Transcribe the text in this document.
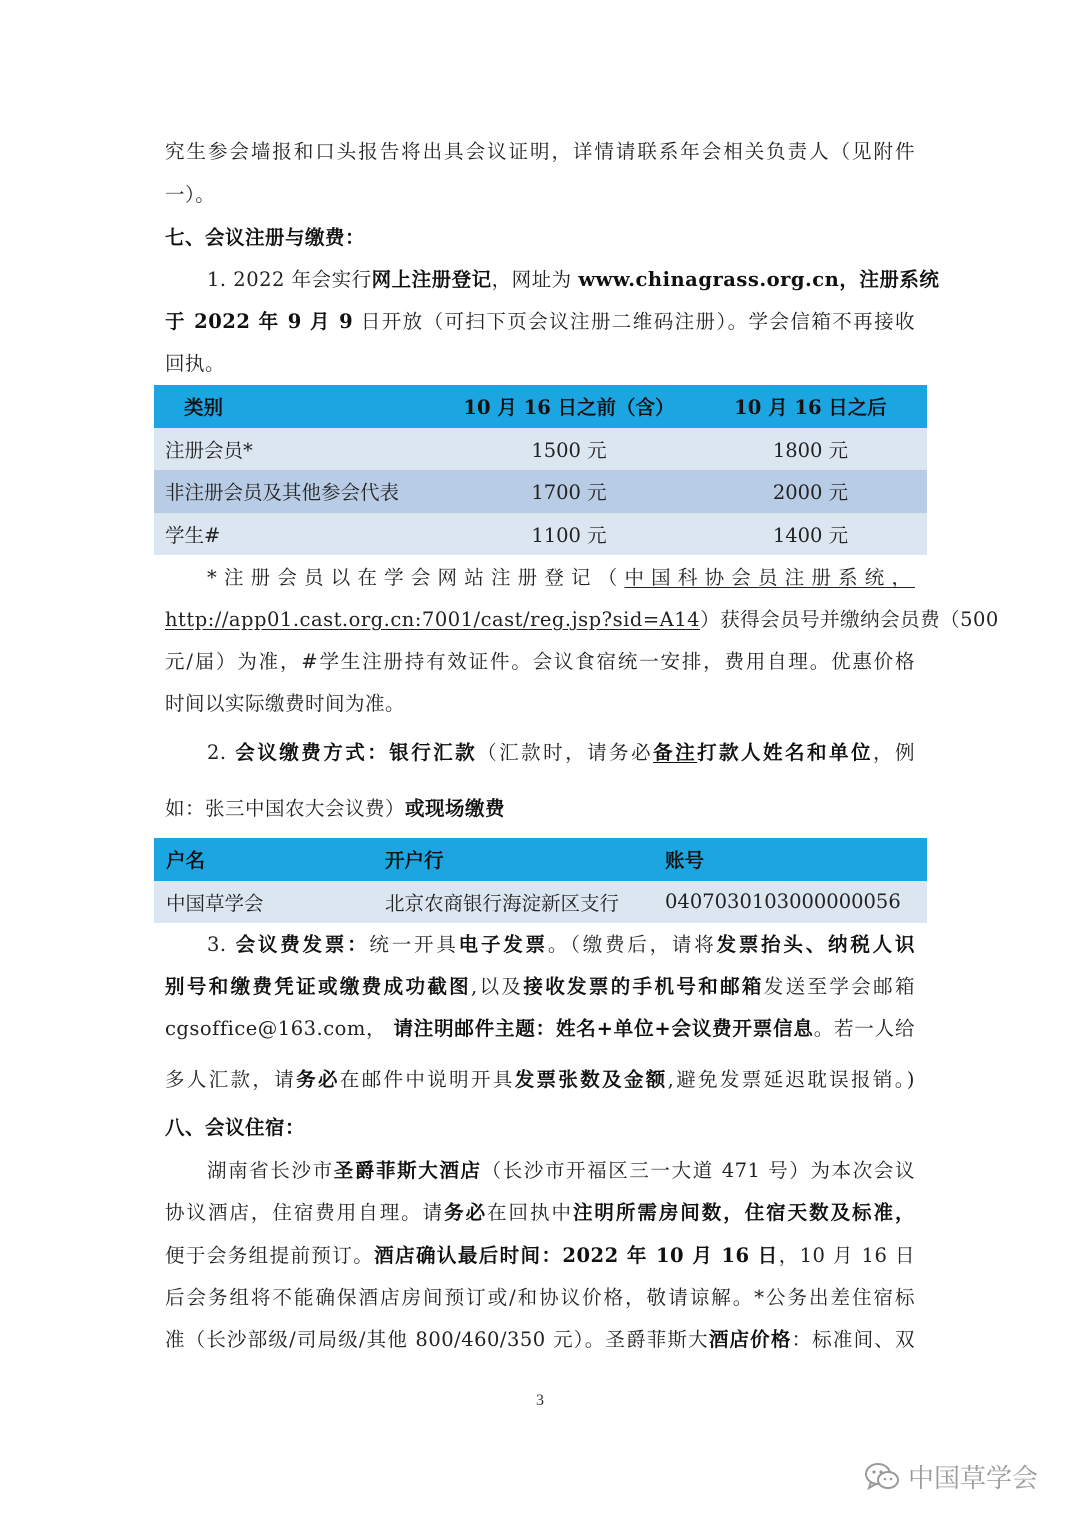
究生参会墙报和口头报告将出具会议证明，详情请联系年会相关负责人（见附件
一）。
七、会议注册与缴费：
1. 2022 年会实行网上注册登记，网址为 www.chinagrass.org.cn，注册系统
于 2022 年 9 月 9 日开放（可扫下页会议注册二维码注册）。学会信箱不再接收
回执。
类别	10 月 16 日之前（含）	10 月 16 日之后
注册会员*	1500 元	1800 元
非注册会员及其他参会代表	1700 元	2000 元
学生#	1100 元	1400 元
*注册会员以在学会网站注册登记（中国科协会员注册系统，
http://app01.cast.org.cn:7001/cast/reg.jsp?sid=A14）获得会员号并缴纳会员费（500
元/届）为准，#学生注册持有效证件。会议食宿统一安排，费用自理。优惠价格
时间以实际缴费时间为准。
2. 会议缴费方式：银行汇款（汇款时，请务必备注打款人姓名和单位，例
如：张三中国农大会议费）或现场缴费
户名	开户行	账号
中国草学会	北京农商银行海淀新区支行	0407030103000000056
3. 会议费发票：统一开具电子发票。（缴费后，请将发票抬头、纳税人识
别号和缴费凭证或缴费成功截图,以及接收发票的手机号和邮箱发送至学会邮箱
cgsoffice@163.com， 请注明邮件主题：姓名+单位+会议费开票信息。若一人给
多人汇款，请务必在邮件中说明开具发票张数及金额,避免发票延迟耽误报销。)
八、会议住宿：
湖南省长沙市圣爵菲斯大酒店（长沙市开福区三一大道 471 号）为本次会议
协议酒店，住宿费用自理。请务必在回执中注明所需房间数，住宿天数及标准，
便于会务组提前预订。酒店确认最后时间：2022 年 10 月 16 日，10 月 16 日
后会务组将不能确保酒店房间预订或/和协议价格，敬请谅解。*公务出差住宿标
准（长沙部级/司局级/其他 800/460/350 元）。圣爵菲斯大酒店价格：标准间、双
3
中国草学会
